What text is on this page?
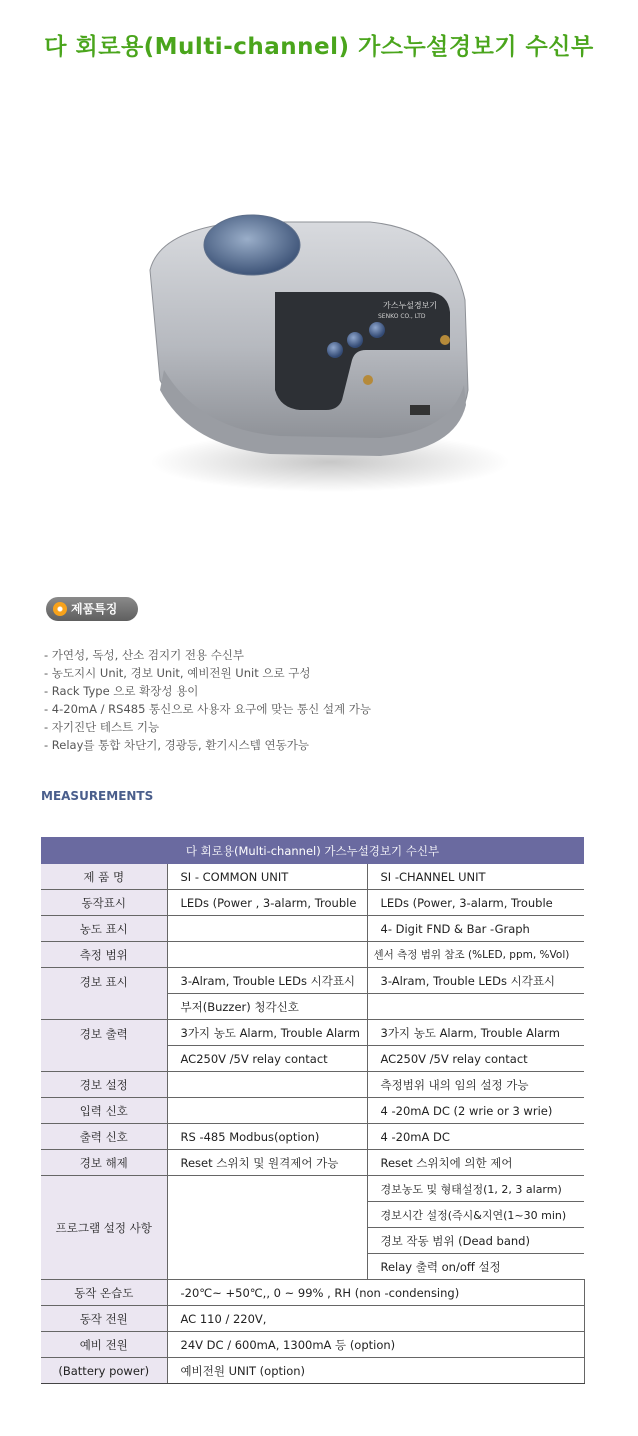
다 회로용(Multi-channel) 가스누설경보기 수신부
가스누설경보기
SENKO CO., LTD
제품특징
- 가연성, 독성, 산소 검지기 전용 수신부
- 농도지시 Unit, 경보 Unit, 예비전원 Unit 으로 구성
- Rack Type 으로 확장성 용이
- 4-20mA / RS485 통신으로 사용자 요구에 맞는 통신 설계 가능
- 자기진단 테스트 기능
- Relay를 통합 차단기, 경광등, 환기시스템 연동가능
MEASUREMENTS
다 회로용(Multi-channel) 가스누설경보기 수신부		
제 품 명	SI - COMMON UNIT	SI -CHANNEL UNIT
동작표시	LEDs (Power , 3-alarm, Trouble	LEDs (Power, 3-alarm, Trouble
농도 표시		4- Digit FND & Bar -Graph
측정 범위		센서 측정 범위 참조 (%LED, ppm, %Vol)
경보 표시	3-Alram, Trouble LEDs 시각표시	3-Alram, Trouble LEDs 시각표시
	부저(Buzzer) 청각신호	
경보 출력	3가지 농도 Alarm, Trouble Alarm	3가지 농도 Alarm, Trouble Alarm
	AC250V /5V relay contact	AC250V /5V relay contact
경보 설정		측정범위 내의 임의 설정 가능
입력 신호		4 -20mA DC (2 wrie or 3 wrie)
출력 신호	RS -485 Modbus(option)	4 -20mA DC
경보 해제	Reset 스위치 및 원격제어 가능	Reset 스위치에 의한 제어
프로그램 설정 사항		경보농도 및 형태설정(1, 2, 3 alarm)
		경보시간 설정(즉시&지연(1~30 min)
		경보 작동 범위 (Dead band)
		Relay 출력 on/off 설정
동작 온습도	-20℃~ +50℃,, 0 ~ 99% , RH (non -condensing)	
동작 전원	AC 110 / 220V,	
예비 전원	24V DC / 600mA, 1300mA 등 (option)	
(Battery power)	예비전원 UNIT (option)	
